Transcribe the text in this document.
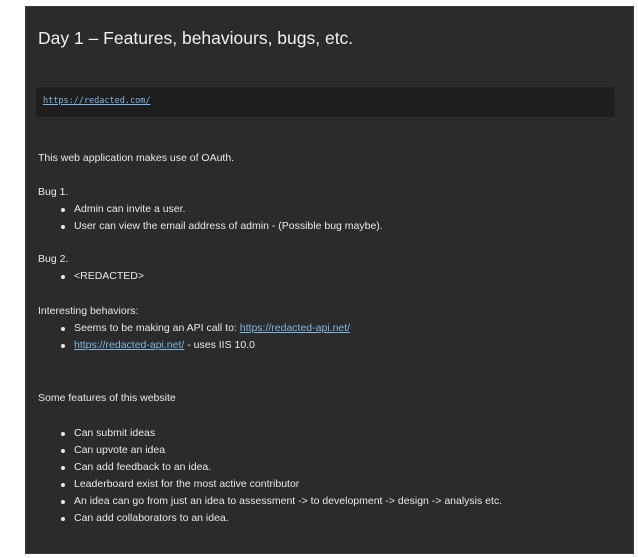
Day 1 – Features, behaviours, bugs, etc.
https://redacted.com/

This web application makes use of OAuth.

Bug 1.

Admin can invite a user.
User can view the email address of admin - (Possible bug maybe).

Bug 2.

<REDACTED>

Interesting behaviors:

Seems to be making an API call to: https://redacted-api.net/
https://redacted-api.net/ - uses IIS 10.0

Some features of this website

Can submit ideas
Can upvote an idea
Can add feedback to an idea.
Leaderboard exist for the most active contributor
An idea can go from just an idea to assessment -> to development -> design -> analysis etc.
Can add collaborators to an idea.
